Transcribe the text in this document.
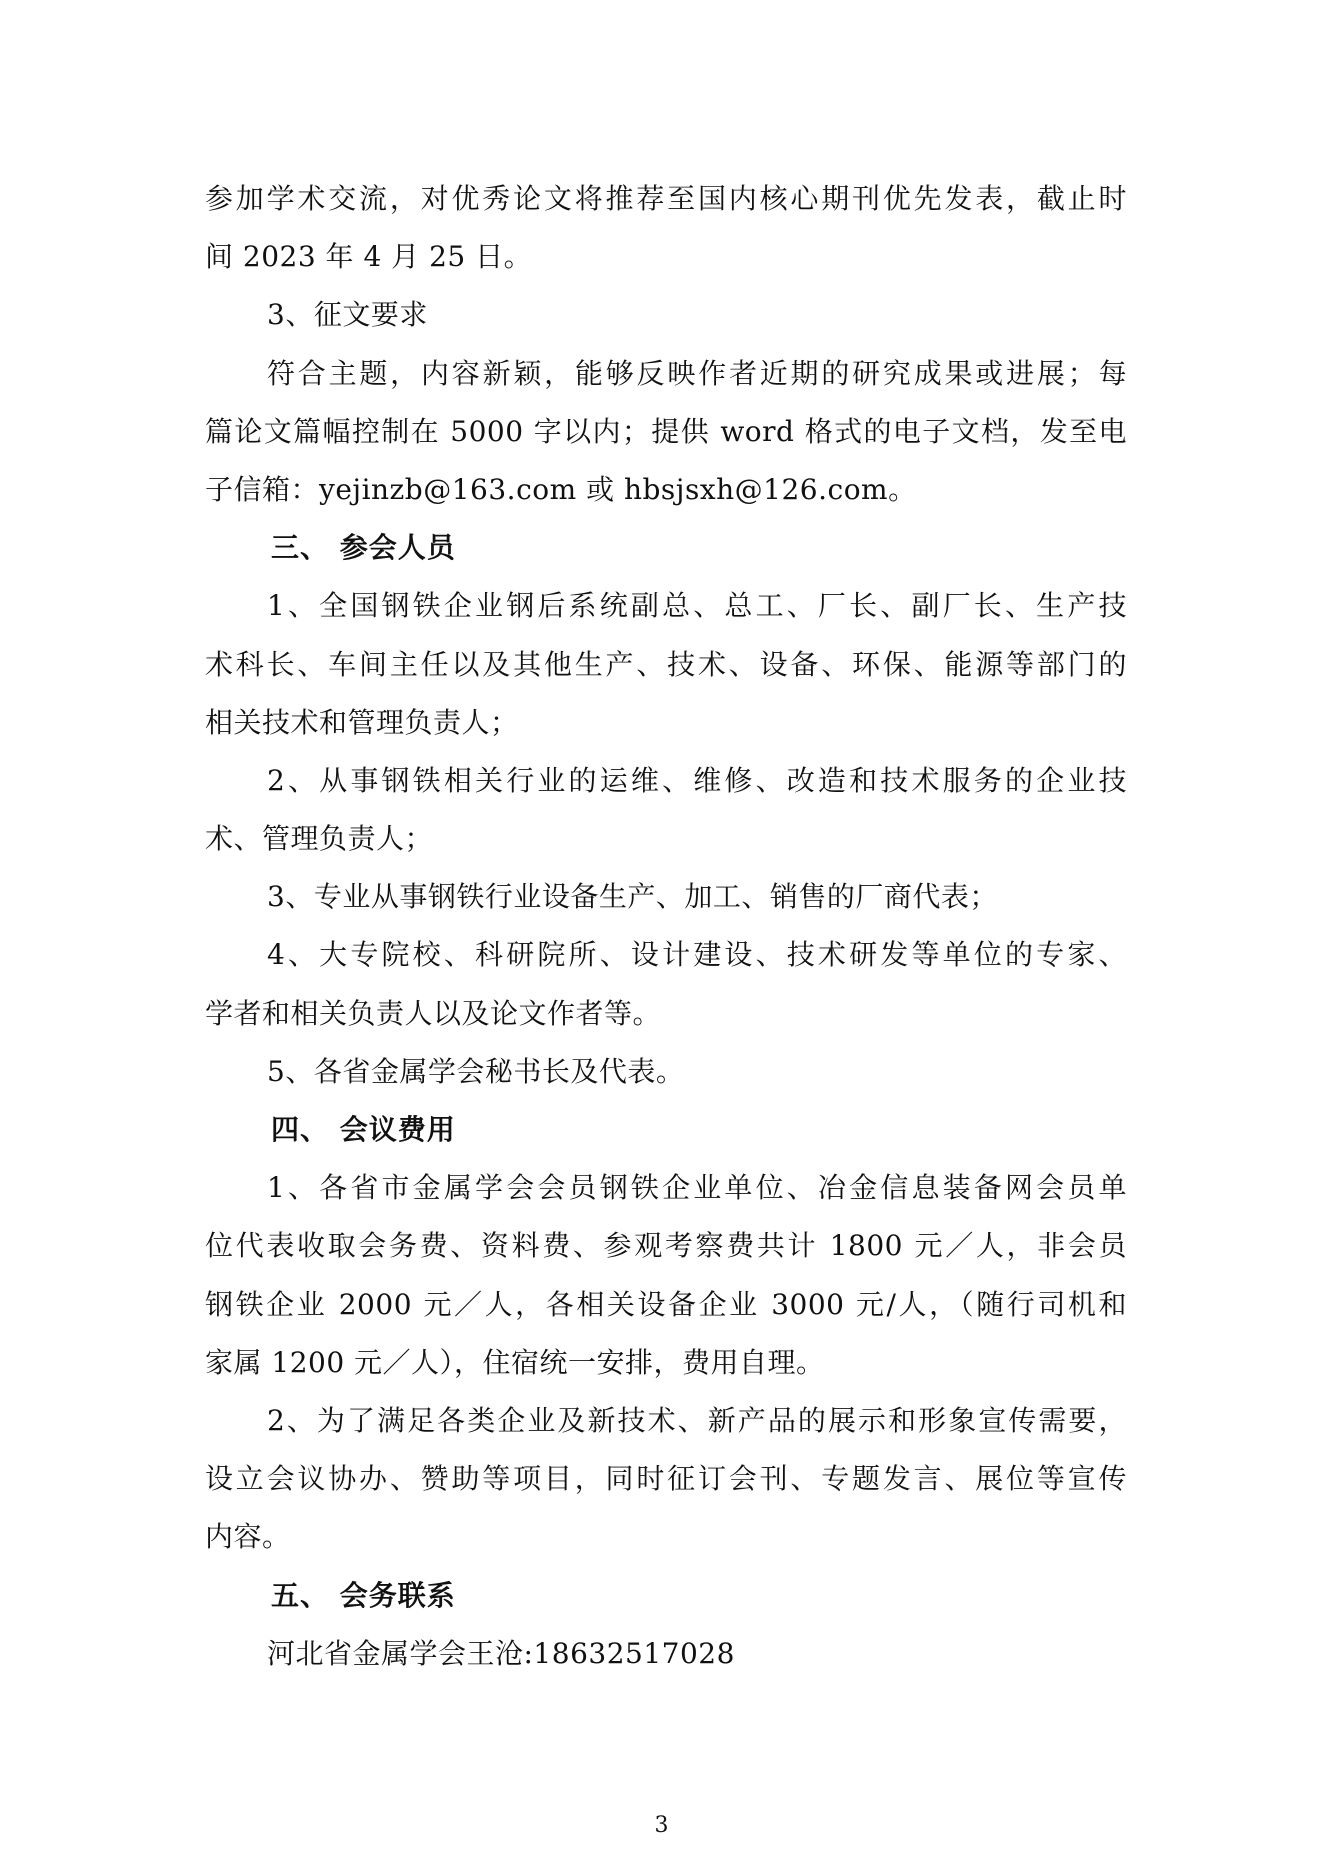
参加学术交流，对优秀论文将推荐至国内核心期刊优先发表，截止时
间 2023 年 4 月 25 日。
3、征文要求
符合主题，内容新颖，能够反映作者近期的研究成果或进展；每
篇论文篇幅控制在 5000 字以内；提供 word 格式的电子文档，发至电
子信箱：yejinzb@163.com 或 hbsjsxh@126.com。
三、 参会人员
1、全国钢铁企业钢后系统副总、总工、厂长、副厂长、生产技
术科长、车间主任以及其他生产、技术、设备、环保、能源等部门的
相关技术和管理负责人；
2、从事钢铁相关行业的运维、维修、改造和技术服务的企业技
术、管理负责人；
3、专业从事钢铁行业设备生产、加工、销售的厂商代表；
4、大专院校、科研院所、设计建设、技术研发等单位的专家、
学者和相关负责人以及论文作者等。
5、各省金属学会秘书长及代表。
四、 会议费用
1、各省市金属学会会员钢铁企业单位、冶金信息装备网会员单
位代表收取会务费、资料费、参观考察费共计 1800 元／人，非会员
钢铁企业 2000 元／人，各相关设备企业 3000 元/人，（随行司机和
家属 1200 元／人），住宿统一安排，费用自理。
2、为了满足各类企业及新技术、新产品的展示和形象宣传需要，
设立会议协办、赞助等项目，同时征订会刊、专题发言、展位等宣传
内容。
五、 会务联系
河北省金属学会王沧:18632517028
3
